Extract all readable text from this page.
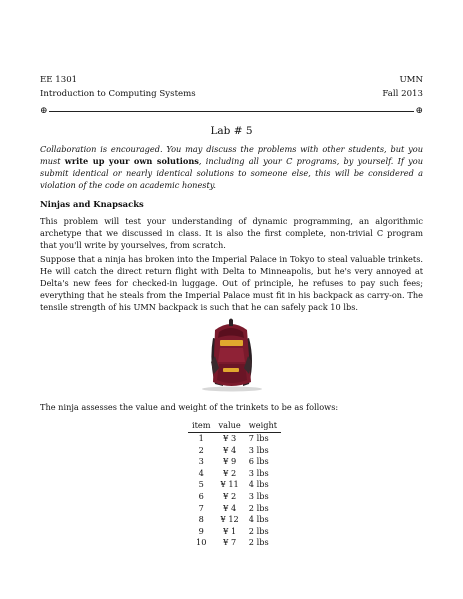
EE 1301	UMN
Introduction to Computing Systems	Fall 2013
⊕	⊕
Lab # 5
Collaboration is encouraged. You may discuss the problems with other students, but you must write up your own solutions, including all your C programs, by yourself. If you submit identical or nearly identical solutions to someone else, this will be considered a violation of the code on academic honesty.
Ninjas and Knapsacks
This problem will test your understanding of dynamic programming, an algorithmic archetype that we discussed in class. It is also the first complete, non-trivial C program that you'll write by yourselves, from scratch.
Suppose that a ninja has broken into the Imperial Palace in Tokyo to steal valuable trinkets. He will catch the direct return flight with Delta to Minneapolis, but he's very annoyed at Delta's new fees for checked-in luggage. Out of principle, he refuses to pay such fees; everything that he steals from the Imperial Palace must fit in his backpack as carry-on. The tensile strength of his UMN backpack is such that he can safely pack 10 lbs.
The ninja assesses the value and weight of the trinkets to be as follows:
item	value	weight
1	¥ 3	7 lbs
2	¥ 4	3 lbs
3	¥ 9	6 lbs
4	¥ 2	3 lbs
5	¥ 11	4 lbs
6	¥ 2	3 lbs
7	¥ 4	2 lbs
8	¥ 12	4 lbs
9	¥ 1	2 lbs
10	¥ 7	2 lbs
